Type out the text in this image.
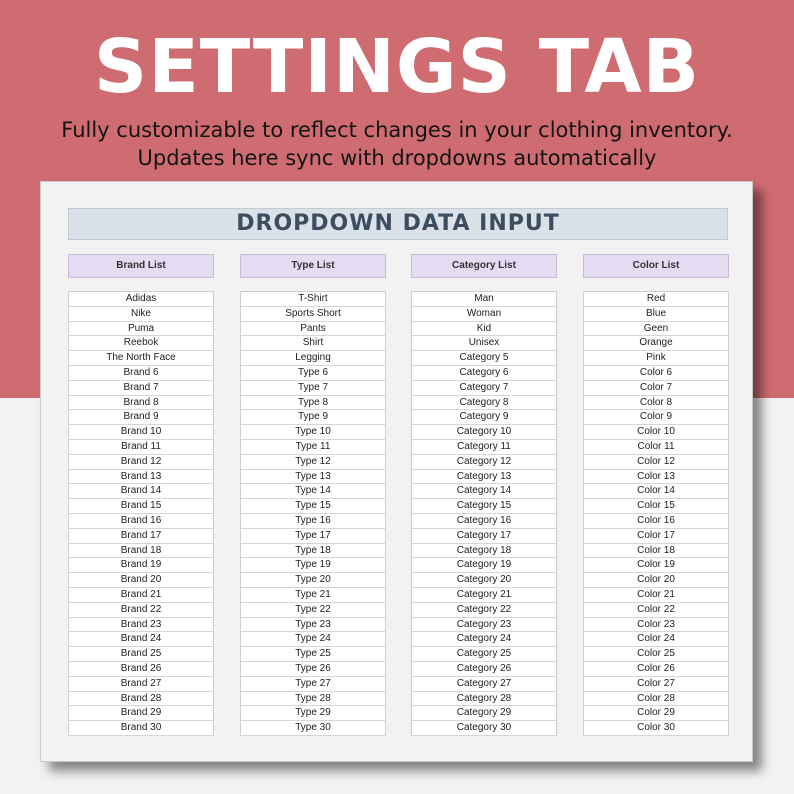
SETTINGS TAB
Fully customizable to reflect changes in your clothing inventory.
Updates here sync with dropdowns automatically
DROPDOWN DATA INPUT
Brand List
Adidas
Nike
Puma
Reebok
The North Face
Brand 6
Brand 7
Brand 8
Brand 9
Brand 10
Brand 11
Brand 12
Brand 13
Brand 14
Brand 15
Brand 16
Brand 17
Brand 18
Brand 19
Brand 20
Brand 21
Brand 22
Brand 23
Brand 24
Brand 25
Brand 26
Brand 27
Brand 28
Brand 29
Brand 30
Type List
T-Shirt
Sports Short
Pants
Shirt
Legging
Type 6
Type 7
Type 8
Type 9
Type 10
Type 11
Type 12
Type 13
Type 14
Type 15
Type 16
Type 17
Type 18
Type 19
Type 20
Type 21
Type 22
Type 23
Type 24
Type 25
Type 26
Type 27
Type 28
Type 29
Type 30
Category List
Man
Woman
Kid
Unisex
Category 5
Category 6
Category 7
Category 8
Category 9
Category 10
Category 11
Category 12
Category 13
Category 14
Category 15
Category 16
Category 17
Category 18
Category 19
Category 20
Category 21
Category 22
Category 23
Category 24
Category 25
Category 26
Category 27
Category 28
Category 29
Category 30
Color List
Red
Blue
Geen
Orange
Pink
Color 6
Color 7
Color 8
Color 9
Color 10
Color 11
Color 12
Color 13
Color 14
Color 15
Color 16
Color 17
Color 18
Color 19
Color 20
Color 21
Color 22
Color 23
Color 24
Color 25
Color 26
Color 27
Color 28
Color 29
Color 30
